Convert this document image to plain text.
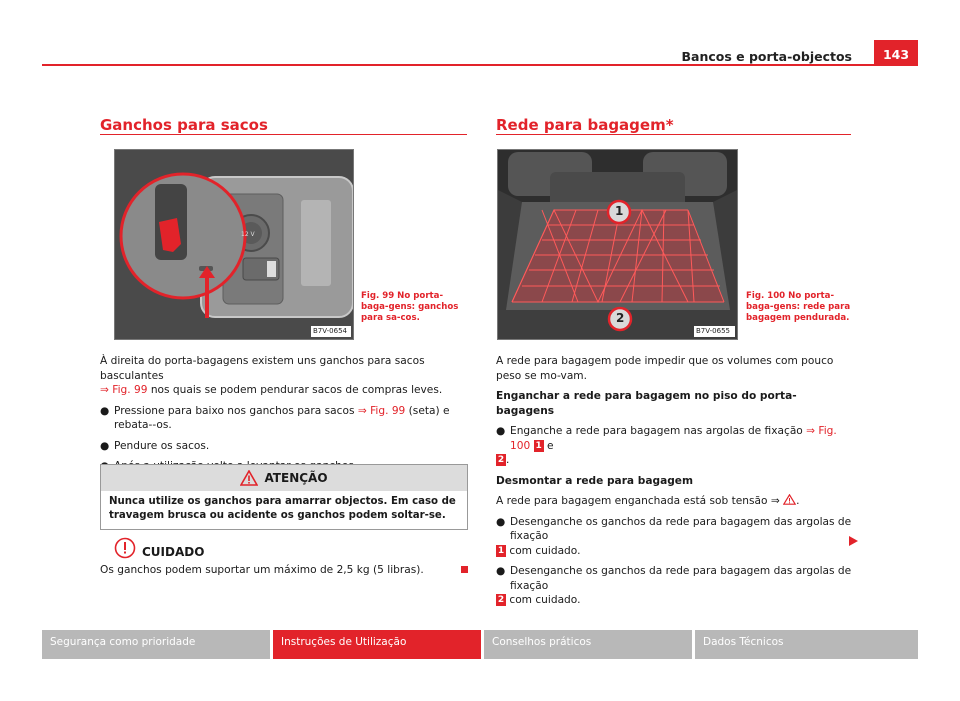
Bancos e porta-objectos	143
Ganchos para sacos
12 V
B7V-0654
Fig. 99 No porta-baga-gens: ganchos para sa-cos.

À direita do porta-bagagens existem uns ganchos para sacos basculantes
⇒ Fig. 99 nos quais se podem pendurar sacos de compras leves.

● Pressione para baixo nos ganchos para sacos ⇒ Fig. 99 (seta) e rebata--os.
● Pendure os sacos.
ATENÇÃO
Nunca utilize os ganchos para amarrar objectos. Em caso de travagem brusca ou acidente os ganchos podem soltar-se.
CUIDADO
Os ganchos podem suportar um máximo de 2,5 kg (5 libras).
Rede para bagagem*
1
2
B7V-0655
Fig. 100 No porta-baga-gens: rede para bagagem pendurada.

A rede para bagagem pode impedir que os volumes com pouco peso se mo-vam.

Enganchar a rede para bagagem no piso do porta-bagagens

● Enganche a rede para bagagem nas argolas de fixação ⇒ Fig. 100 1 e
2 .

Desmontar a rede para bagagem

A rede para bagagem enganchada está sob tensão ⇒ .

● Desenganche os ganchos da rede para bagagem das argolas de fixação
1 com cuidado.
● Desenganche os ganchos da rede para bagagem das argolas de fixação
2 com cuidado.
Segurança como prioridade	Instruções de Utilização	Conselhos práticos	Dados Técnicos
